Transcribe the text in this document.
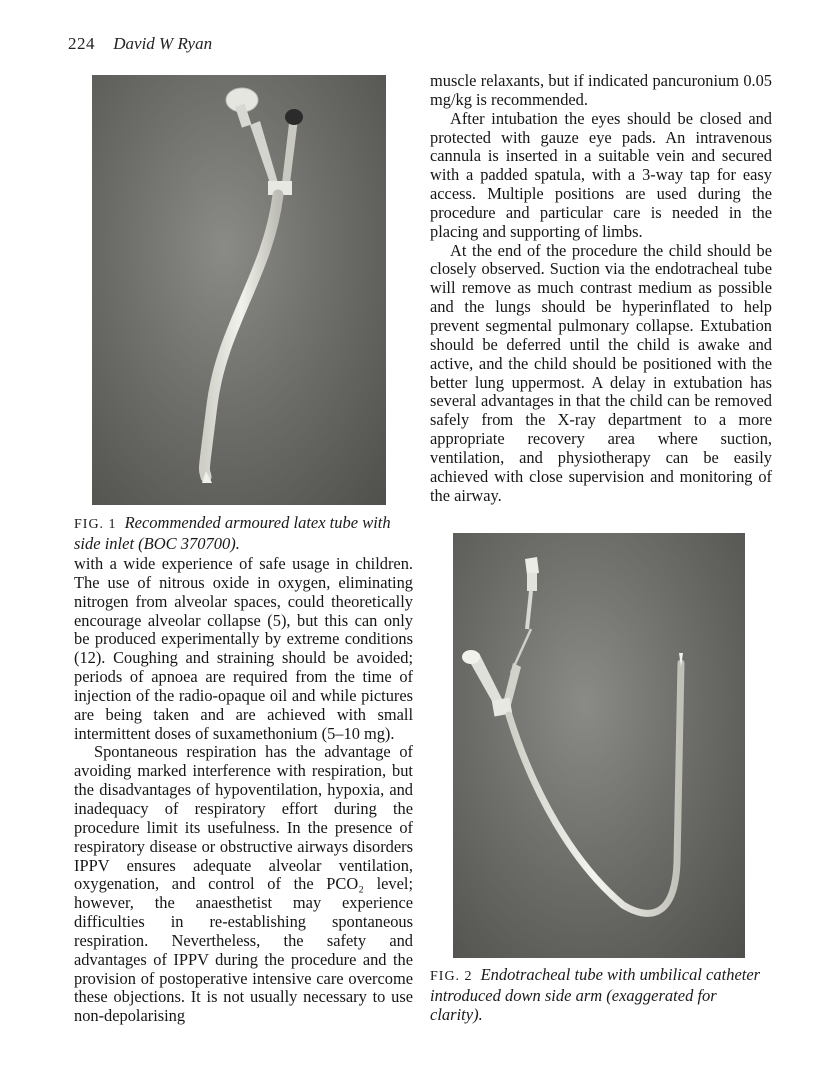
224 David W Ryan
FIG. 1 Recommended armoured latex tube with side inlet (BOC 370700).

with a wide experience of safe usage in children. The use of nitrous oxide in oxygen, eliminating nitrogen from alveolar spaces, could theoretically encourage alveolar collapse (5), but this can only be produced experimentally by extreme conditions (12). Coughing and straining should be avoided; periods of apnoea are required from the time of injection of the radio-opaque oil and while pictures are being taken and are achieved with small intermittent doses of suxamethonium (5–10 mg).

Spontaneous respiration has the advantage of avoiding marked interference with respiration, but the disadvantages of hypoventilation, hypoxia, and inadequacy of respiratory effort during the procedure limit its usefulness. In the presence of respiratory disease or obstructive airways disorders IPPV ensures adequate alveolar ventilation, oxygenation, and control of the PCO₂ level; however, the anaesthetist may experience difficulties in re-establishing spontaneous respiration. Nevertheless, the safety and advantages of IPPV during the procedure and the provision of postoperative intensive care overcome these objections. It is not usually necessary to use non-depolarising

muscle relaxants, but if indicated pancuronium 0.05 mg/kg is recommended.

After intubation the eyes should be closed and protected with gauze eye pads. An intravenous cannula is inserted in a suitable vein and secured with a padded spatula, with a 3-way tap for easy access. Multiple positions are used during the procedure and particular care is needed in the placing and supporting of limbs.

At the end of the procedure the child should be closely observed. Suction via the endotracheal tube will remove as much contrast medium as possible and the lungs should be hyperinflated to help prevent segmental pulmonary collapse. Extubation should be deferred until the child is awake and active, and the child should be positioned with the better lung uppermost. A delay in extubation has several advantages in that the child can be removed safely from the X-ray department to a more appropriate recovery area where suction, ventilation, and physiotherapy can be easily achieved with close supervision and monitoring of the airway.

FIG. 2 Endotracheal tube with umbilical catheter introduced down side arm (exaggerated for clarity).
